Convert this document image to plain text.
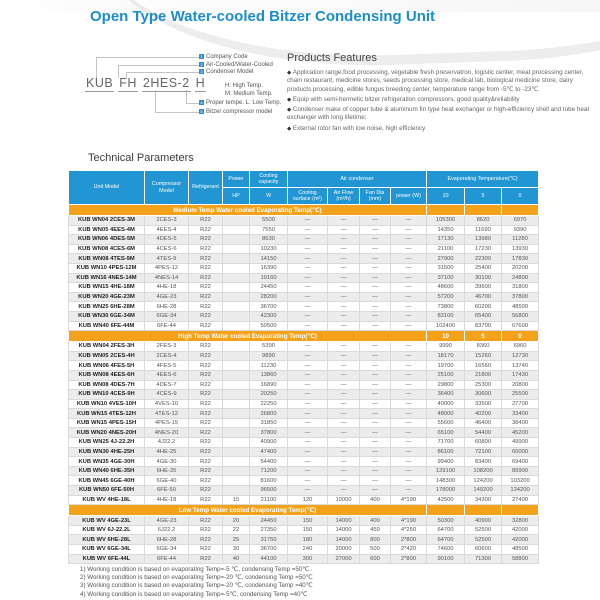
Open Type Water-cooled Bitzer Condensing Unit
KUB FH 2HES-2 H
1 Company Code
2 Air-Cooled/Water-Cooled
3 Condenser Model
H: High Temp.
M: Medium Temp.
4 Proper tempe. L: Low Temp.
5 Bitzer compressor model
Products Features
◆ Application range:food processing, vegetable fresh preservatron, logistic center, meat processing center, chain restaurant, medicine stores, seeds processing store, medical lab, biological medicine store, dairy products processing, edible fungus breeding center, temperature range from -5℃ to -23℃
◆ Equip with semi-hermetic bitzer refrigeration compressors, good quality&reliability
◆ Condenser make of copper tube & aluminum fin type heat exchanger or high-efficiency shell and tube heat exchanger with long lifetime;
◆ External rotor fan with low noise, high efficiency
Technical Parameters
Unit Model	Compressor Model	Refrigerant	Power	Cooling capacity	Air condenser				Evaporating Temperature(℃)		
			HP	W	Cooling surface (m²)	Air Flow (m³/h)	Fan Dia (mm)	power (W)	10	5	0
Medium Temp Water cooled Evaporating Temp(℃)											
KUB WN04 2CES-3M	2CES-3	R22		5500	—	—	—	—	105300	8620	6970
KUB WN05 4EES-4M	4EES-4	R22		7550	—	—	—	—	14350	11690	9390
KUB WN06 4DES-5M	4DES-5	R22		8630	—	—	—	—	17130	13980	11280
KUB WN08 4CES-6M	4CES-6	R22		10230	—	—	—	—	21100	17230	13930
KUB WN08 4TES-9M	4TES-9	R22		14150	—	—	—	—	27900	22300	17830
KUB WN10 4PES-12M	4PES-12	R22		16390	—	—	—	—	31500	25400	20200
KUB WN16 4NES-14M	4NES-14	R22		19160	—	—	—	—	37100	30100	24800
KUB WN15 4HE-18M	4HE-18	R22		24450	—	—	—	—	48600	39600	31800
KUB WN20 4GE-23M	4GE-23	R22		28200	—	—	—	—	57200	46700	37800
KUB WN25 6HE-28M	6HE-28	R22		36700	—	—	—	—	73800	60200	48500
KUB WN30 6GE-34M	6GE-34	R22		42300	—	—	—	—	83100	65400	56800
KUB WN40 6FE-44M	6FE-44	R22		50500	—	—	—	—	102400	83700	67600
High Temp Water cooled Evaporating Temp(℃)									10	5	0
KUB WN04 2FES-3H	2FES-3	R22		5390	—	—	—	—	9990	8360	6960
KUB WN05 2CES-4H	2CES-4	R22		9890	—	—	—	—	18170	15260	12730
KUB WN06 4FES-5H	4FES-5	R22		11230	—	—	—	—	19700	16560	13740
KUB WN08 4EES-6H	4EES-6	R22		13860	—	—	—	—	25100	21800	17430
KUB WN08 4DES-7H	4DES-7	R22		16890	—	—	—	—	29800	25300	20800
KUB WN10 4CES-9H	4CES-9	R22		20250	—	—	—	—	36400	30600	25500
KUB WN10 4VES-10H	4VES-10	R22		22250	—	—	—	—	40000	33500	27700
KUB WN15 4TES-12H	4TES-12	R22		26800	—	—	—	—	48000	40200	33400
KUB WN15 4PES-15H	4PES-15	R22		31850	—	—	—	—	55600	46400	38400
KUB WN20 4NES-20H	4NES-20	R22		37800	—	—	—	—	65100	54400	45200
KUB WN25 4J-22.2H	4J22.2	R22		40900	—	—	—	—	71700	60800	49900
KUB WN30 4HE-25H	4HE-25	R22		47400	—	—	—	—	86100	72100	60000
KUB WN35 4GE-30H	4GE-30	R22		54400	—	—	—	—	99400	83400	69400
KUB WN40 6HE-35H	6HE-35	R22		71200	—	—	—	—	129100	108200	89900
KUB WN45 6GE-40H	6GE-40	R22		81600	—	—	—	—	148300	124200	103200
KUB WN50 6FE-50H	6FE-50	R22		96500	—	—	—	—	178000	149200	124200
KUB WV 4HE-18L	4HE-18	R22	15	21100	120	10000	400	4*190	42500	34300	27400
Low Temp Water cooled Evaporating Temp(℃)											
KUB WV 4GE-23L	4GE-23	R22	20	24450	150	14000	400	4*190	50300	40900	32800
KUB WV 6J-22.2L	6J22.2	R22	22	27350	150	14000	450	4*250	64700	52500	42000
KUB WV 6HE-28L	6HE-28	R22	25	31750	180	14000	800	2*800	64700	52500	42000
KUB WV 6GE-34L	6GE-34	R22	30	36700	240	20000	500	2*420	74600	60600	48500
KUB WV 6FE-44L	6FE-44	R22	40	44100	300	27000	600	2*800	90100	71300	58800
1) Working condition is based on evaporating Temp=-5 ℃, condensing Temp =50℃ .
2) Working condition is based on evaporating Temp=-20 ℃, condensing Temp =50℃
3) Working condition is based on evaporating Temp=-20 ℃, condensing Temp =40℃
4) Working condition is based on evaporating Temp=-5℃, condensing Temp =40℃
